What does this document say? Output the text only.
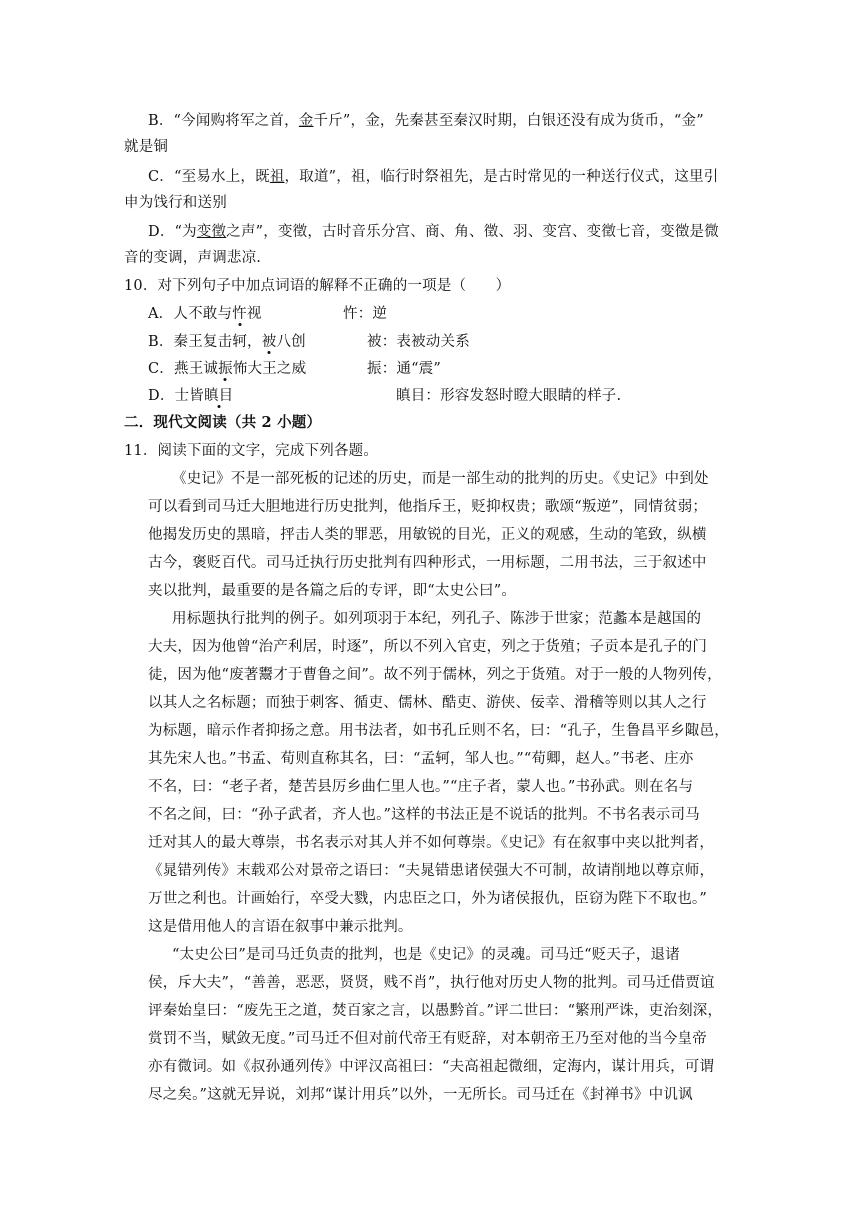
B．“今闻购将军之首，金千斤”，金，先秦甚至秦汉时期，白银还没有成为货币，“金”
就是铜
C．“至易水上，既祖，取道”，祖，临行时祭祖先，是古时常见的一种送行仪式，这里引
申为饯行和送别
D．“为变徵之声”，变徵，古时音乐分宫、商、角、徵、羽、变宫、变徵七音，变徵是微
音的变调，声调悲凉.
10．对下列句子中加点词语的解释不正确的一项是（　　）
A．人不敢与忤视	忤：逆
B．秦王复击轲，被八创	被：表被动关系
C．燕王诚振怖大王之威	振：通“震”
D．士皆瞋目	瞋目：形容发怒时瞪大眼睛的样子.
二．现代文阅读（共 2 小题）
11．阅读下面的文字，完成下列各题。
《史记》不是一部死板的记述的历史，而是一部生动的批判的历史。《史记》中到处
可以看到司马迁大胆地进行历史批判，他指斥王，贬抑权贵；歌颂“叛逆”，同情贫弱；
他揭发历史的黑暗，抨击人类的罪恶，用敏锐的目光，正义的观感，生动的笔致，纵横
古今，褒贬百代。司马迁执行历史批判有四种形式，一用标题，二用书法，三于叙述中
夹以批判，最重要的是各篇之后的专评，即“太史公曰”。
用标题执行批判的例子。如列项羽于本纪，列孔子、陈涉于世家；范蠡本是越国的
大夫，因为他曾“治产利居，时逐”，所以不列入官吏，列之于货殖；子贡本是孔子的门
徒，因为他“废著鬻才于曹鲁之间”。故不列于儒林，列之于货殖。对于一般的人物列传，
以其人之名标题；而独于刺客、循吏、儒林、酷吏、游侠、佞幸、滑稽等则以其人之行
为标题，暗示作者抑扬之意。用书法者，如书孔丘则不名，曰：“孔子，生鲁昌平乡陬邑，
其先宋人也。”书孟、荀则直称其名，曰：“孟轲，邹人也。”“荀卿，赵人。”书老、庄亦
不名，曰：“老子者，楚苦县厉乡曲仁里人也。”“庄子者，蒙人也。”书孙武。则在名与
不名之间，曰：“孙子武者，齐人也。”这样的书法正是不说话的批判。不书名表示司马
迁对其人的最大尊崇，书名表示对其人并不如何尊崇。《史记》有在叙事中夹以批判者，
《晁错列传》末载邓公对景帝之语曰：“夫晁错患诸侯强大不可制，故请削地以尊京师，
万世之利也。计画始行，卒受大戮，内忠臣之口，外为诸侯报仇，臣窃为陛下不取也。”
这是借用他人的言语在叙事中兼示批判。
“太史公曰”是司马迁负责的批判，也是《史记》的灵魂。司马迁“贬天子，退诸
侯，斥大夫”，“善善，恶恶，贤贤，贱不肖”，执行他对历史人物的批判。司马迁借贾谊
评秦始皇曰：“废先王之道，焚百家之言，以愚黔首。”评二世曰：“繁刑严诛，吏治刻深，
赏罚不当，赋敛无度。”司马迁不但对前代帝王有贬辞，对本朝帝王乃至对他的当今皇帝
亦有微词。如《叔孙通列传》中评汉高祖曰：“夫高祖起微细，定海内，谋计用兵，可谓
尽之矣。”这就无异说，刘邦“谋计用兵”以外，一无所长。司马迁在《封禅书》中讥讽
